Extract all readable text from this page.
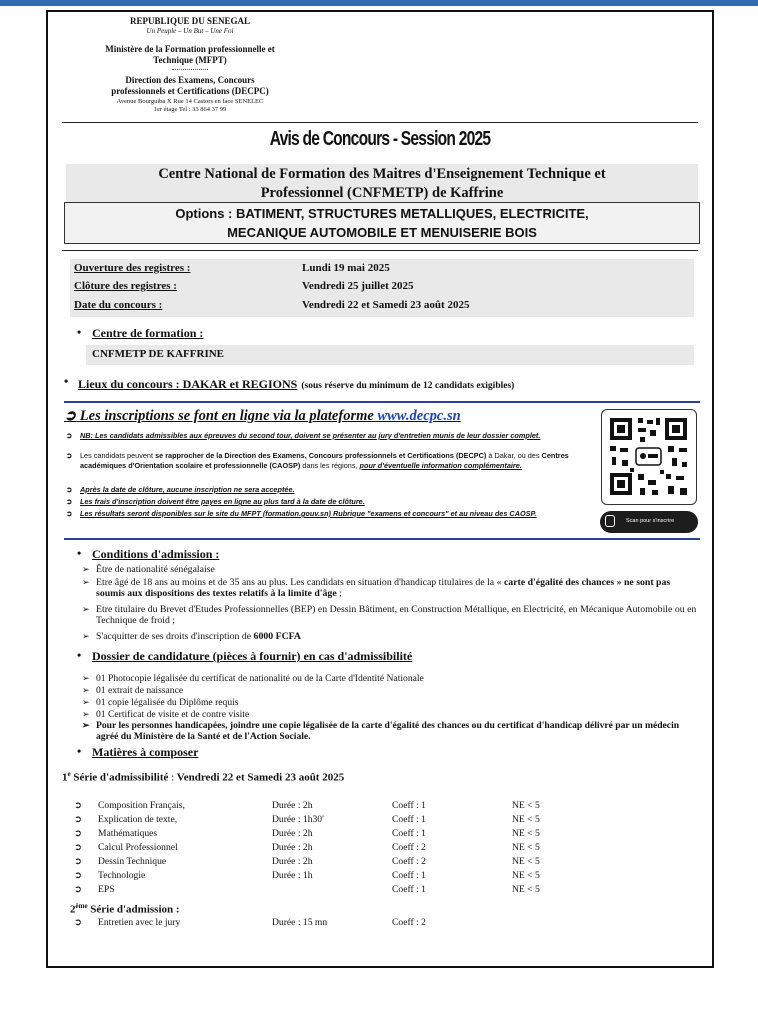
REPUBLIQUE DU SENEGAL
Un Peuple – Un But – Une Foi
Ministère de la Formation professionnelle et
Technique (MFPT)
Direction des Examens, Concours
professionnels et Certifications (DECPC)
Avenue Bourguiba X Rue 14 Castors en face SENELEC
1er étage Tel : 33 864 37 99
Avis de Concours - Session 2025
Centre National de Formation des Maitres d'Enseignement Technique et
Professionnel (CNFMETP) de Kaffrine
Options : BATIMENT, STRUCTURES METALLIQUES, ELECTRICITE,
MECANIQUE AUTOMOBILE ET MENUISERIE BOIS
Ouverture des registres :	Lundi 19 mai 2025
Clôture des registres :	Vendredi 25 juillet 2025
Date du concours :	Vendredi 22 et Samedi 23 août 2025
• Centre de formation :
CNFMETP DE KAFFRINE
• Lieux du concours : DAKAR et REGIONS (sous réserve du minimum de 12 candidats exigibles)
➲ Les inscriptions se font en ligne via la plateforme www.decpc.sn
➲	NB: Les candidats admissibles aux épreuves du second tour, doivent se présenter au jury d'entretien munis de leur dossier complet.
➲	Les candidats peuvent se rapprocher de la Direction des Examens, Concours professionnels et Certifications (DECPC) à Dakar, ou des Centres académiques d'Orientation scolaire et professionnelle (CAOSP) dans les régions, pour d'éventuelle information complémentaire.
➲	Après la date de clôture, aucune inscription ne sera acceptée.
➲	Les frais d'inscription doivent être payes en ligne au plus tard à la date de clôture.
➲	Les résultats seront disponibles sur le site du MFPT (formation.gouv.sn) Rubrique "examens et concours" et au niveau des CAOSP.
Scan pour s'inscrire
• Conditions d'admission :
➢ Être de nationalité sénégalaise
➢ Etre âgé de 18 ans au moins et de 35 ans au plus. Les candidats en situation d'handicap titulaires de la « carte d'égalité des chances » ne sont pas soumis aux dispositions des textes relatifs à la limite d'âge ;
➢ Etre titulaire du Brevet d'Etudes Professionnelles (BEP) en Dessin Bâtiment, en Construction Métallique, en Electricité, en Mécanique Automobile ou en Technique de froid ;
➢ S'acquitter de ses droits d'inscription de 6000 FCFA
• Dossier de candidature (pièces à fournir) en cas d'admissibilité
➢ 01 Photocopie légalisée du certificat de nationalité ou de la Carte d'Identité Nationale
➢ 01 extrait de naissance
➢ 01 copie légalisée du Diplôme requis
➢ 01 Certificat de visite et de contre visite
➢ Pour les personnes handicapées, joindre une copie légalisée de la carte d'égalité des chances ou du certificat d'handicap délivré par un médecin agréé du Ministère de la Santé et de l'Action Sociale.
• Matières à composer
1e Série d'admissibilité : Vendredi 22 et Samedi 23 août 2025
➲ Composition Français,	Durée : 2h	Coeff : 1	NE < 5
➲ Explication de texte,	Durée : 1h30'	Coeff : 1	NE < 5
➲ Mathématiques	Durée : 2h	Coeff : 1	NE < 5
➲ Calcul Professionnel	Durée : 2h	Coeff : 2	NE < 5
➲ Dessin Technique	Durée : 2h	Coeff : 2	NE < 5
➲ Technologie	Durée : 1h	Coeff : 1	NE < 5
➲ EPS	Coeff : 1	NE < 5
2ème Série d'admission :
➲ Entretien avec le jury	Durée : 15 mn	Coeff : 2
